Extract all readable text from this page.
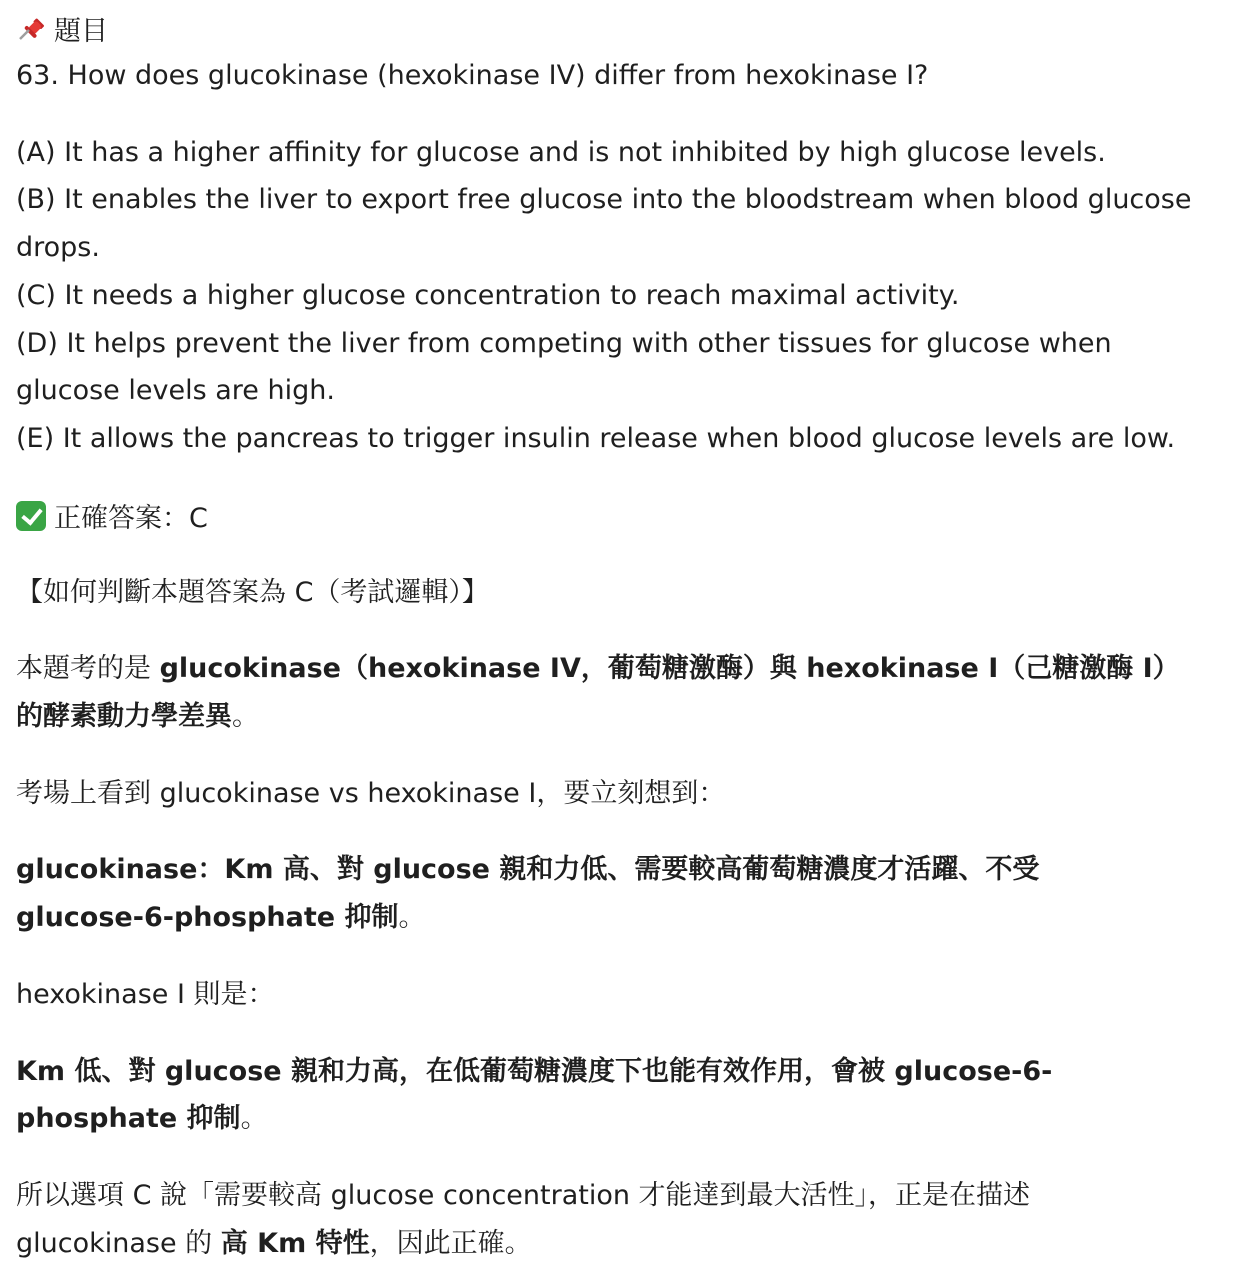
題目

63. How does glucokinase (hexokinase IV) differ from hexokinase I?

(A) It has a higher affinity for glucose and is not inhibited by high glucose levels.

(B) It enables the liver to export free glucose into the bloodstream when blood glucose

drops.

(C) It needs a higher glucose concentration to reach maximal activity.

(D) It helps prevent the liver from competing with other tissues for glucose when

glucose levels are high.

(E) It allows the pancreas to trigger insulin release when blood glucose levels are low.

正確答案：C

【如何判斷本題答案為 C（考試邏輯）】

本題考的是 glucokinase（hexokinase IV，葡萄糖激酶）與 hexokinase I（己糖激酶 I）

的酵素動力學差異。

考場上看到 glucokinase vs hexokinase I，要立刻想到：

glucokinase：Km 高、對 glucose 親和力低、需要較高葡萄糖濃度才活躍、不受

glucose-6-phosphate 抑制。

hexokinase I 則是：

Km 低、對 glucose 親和力高，在低葡萄糖濃度下也能有效作用，會被 glucose-6-

phosphate 抑制。

所以選項 C 說「需要較高 glucose concentration 才能達到最大活性」，正是在描述

glucokinase 的 高 Km 特性，因此正確。
